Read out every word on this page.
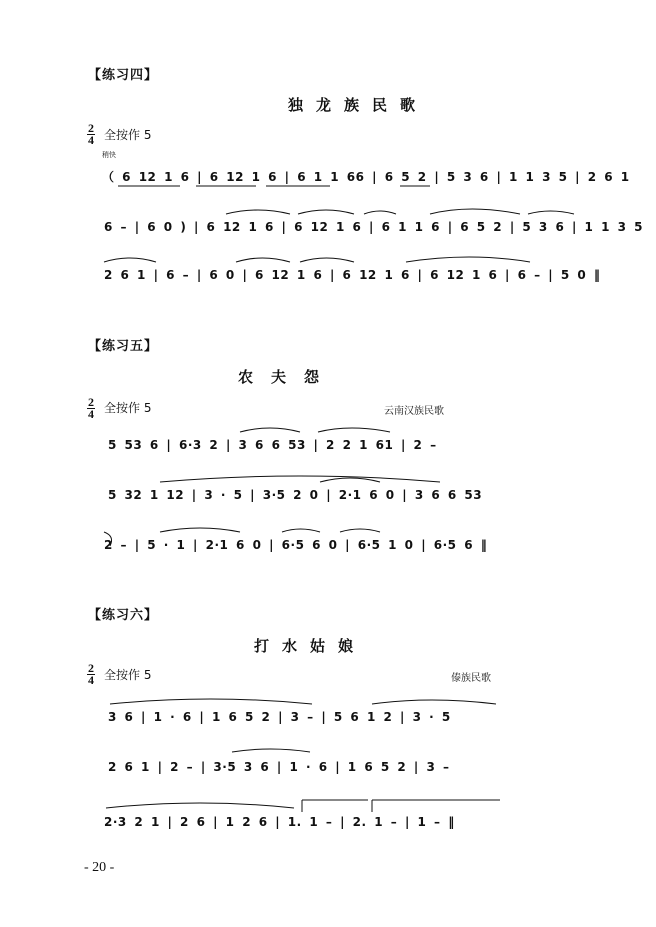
【练习四】
独龙族民歌
2
4 全按作 5
稍快
（ 6 12 1 6 | 6 12 1 6 | 6 1 1 66 | 6 5 2 | 5 3 6 | 1 1 3 5 | 2 6 1
6 – | 6 0 ) | 6 12 1 6 | 6 12 1 6 | 6 1 1 6 | 6 5 2 | 5 3 6 | 1 1 3 5
2 6 1 | 6 – | 6 0 | 6 12 1 6 | 6 12 1 6 | 6 12 1 6 | 6 – | 5 0 ‖
【练习五】
农夫怨
2
4 全按作 5	云南汉族民歌
5 53 6 | 6·3 2 | 3 6 6 53 | 2 2 1 61 | 2 –
5 32 1 12 | 3 · 5 | 3·5 2 0 | 2·1 6 0 | 3 6 6 53
2 – | 5 · 1 | 2·1 6 0 | 6·5 6 0 | 6·5 1 0 | 6·5 6 ‖
【练习六】
打水姑娘
2
4 全按作 5	傣族民歌
3 6 | 1 · 6 | 1 6 5 2 | 3 – | 5 6 1 2 | 3 · 5
2 6 1 | 2 – | 3·5 3 6 | 1 · 6 | 1 6 5 2 | 3 –
2·3 2 1 | 2 6 | 1 2 6 | 1. 1 – | 2. 1 – | 1 – ‖
- 20 -
